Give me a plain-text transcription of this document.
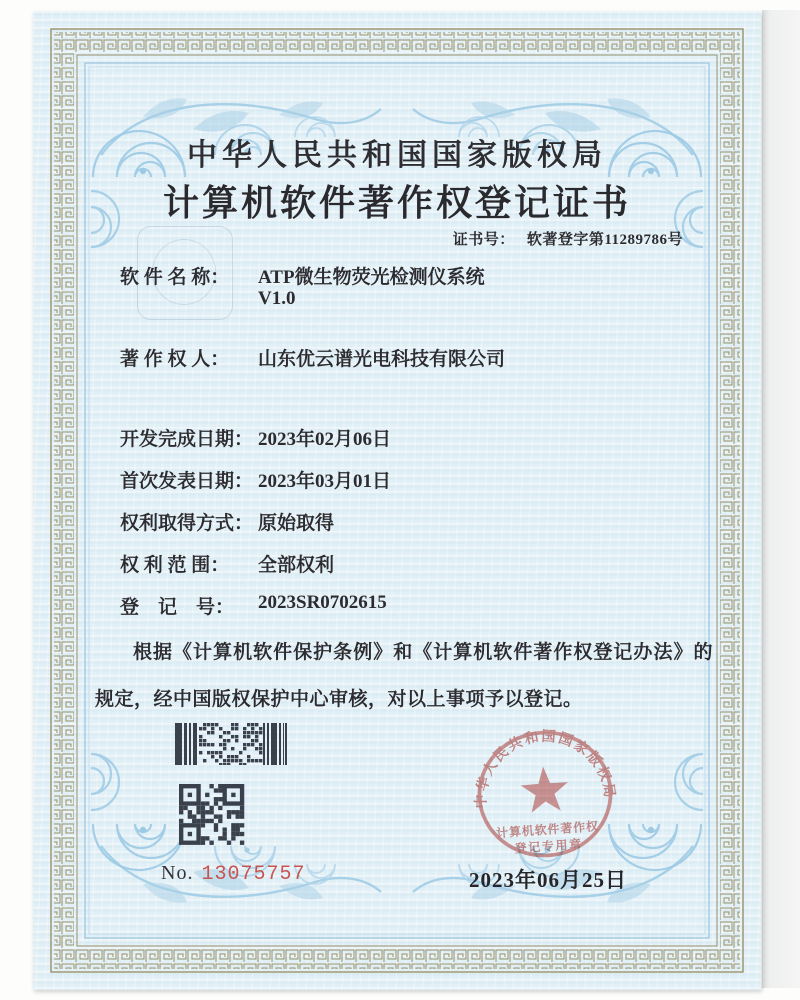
中华人民共和国国家版权局
计算机软件著作权登记证书
证书号： 软著登字第11289786号
软 件 名 称： ATP微生物荧光检测仪系统
V1.0
著 作 权 人： 山东优云谱光电科技有限公司
开发完成日期： 2023年02月06日
首次发表日期： 2023年03月01日
权利取得方式： 原始取得
权 利 范 围： 全部权利
登　记　号： 2023SR0702615
根据《计算机软件保护条例》和《计算机软件著作权登记办法》的规定，经中国版权保护中心审核，对以上事项予以登记。
No. 13075757
中华人民共和国国家版权局
计算机软件著作权
登记专用章
2023年06月25日
